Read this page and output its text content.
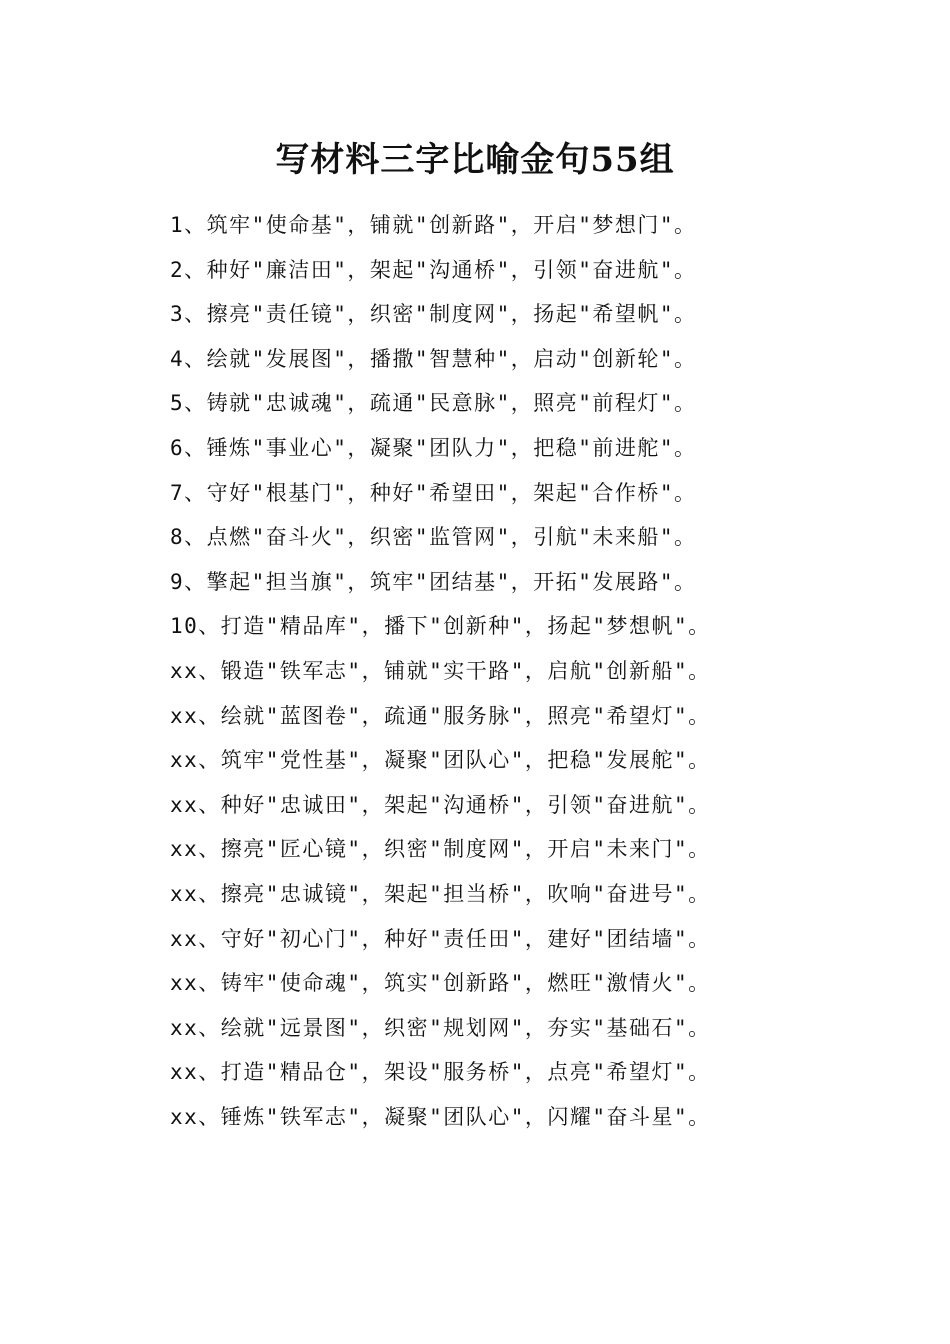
写材料三字比喻金句55组
1、筑牢"使命基"，铺就"创新路"，开启"梦想门"。
2、种好"廉洁田"，架起"沟通桥"，引领"奋进航"。
3、擦亮"责任镜"，织密"制度网"，扬起"希望帆"。
4、绘就"发展图"，播撒"智慧种"，启动"创新轮"。
5、铸就"忠诚魂"，疏通"民意脉"，照亮"前程灯"。
6、锤炼"事业心"，凝聚"团队力"，把稳"前进舵"。
7、守好"根基门"，种好"希望田"，架起"合作桥"。
8、点燃"奋斗火"，织密"监管网"，引航"未来船"。
9、擎起"担当旗"，筑牢"团结基"，开拓"发展路"。
10、打造"精品库"，播下"创新种"，扬起"梦想帆"。
xx、锻造"铁军志"，铺就"实干路"，启航"创新船"。
xx、绘就"蓝图卷"，疏通"服务脉"，照亮"希望灯"。
xx、筑牢"党性基"，凝聚"团队心"，把稳"发展舵"。
xx、种好"忠诚田"，架起"沟通桥"，引领"奋进航"。
xx、擦亮"匠心镜"，织密"制度网"，开启"未来门"。
xx、擦亮"忠诚镜"，架起"担当桥"，吹响"奋进号"。
xx、守好"初心门"，种好"责任田"，建好"团结墙"。
xx、铸牢"使命魂"，筑实"创新路"，燃旺"激情火"。
xx、绘就"远景图"，织密"规划网"，夯实"基础石"。
xx、打造"精品仓"，架设"服务桥"，点亮"希望灯"。
xx、锤炼"铁军志"，凝聚"团队心"，闪耀"奋斗星"。
